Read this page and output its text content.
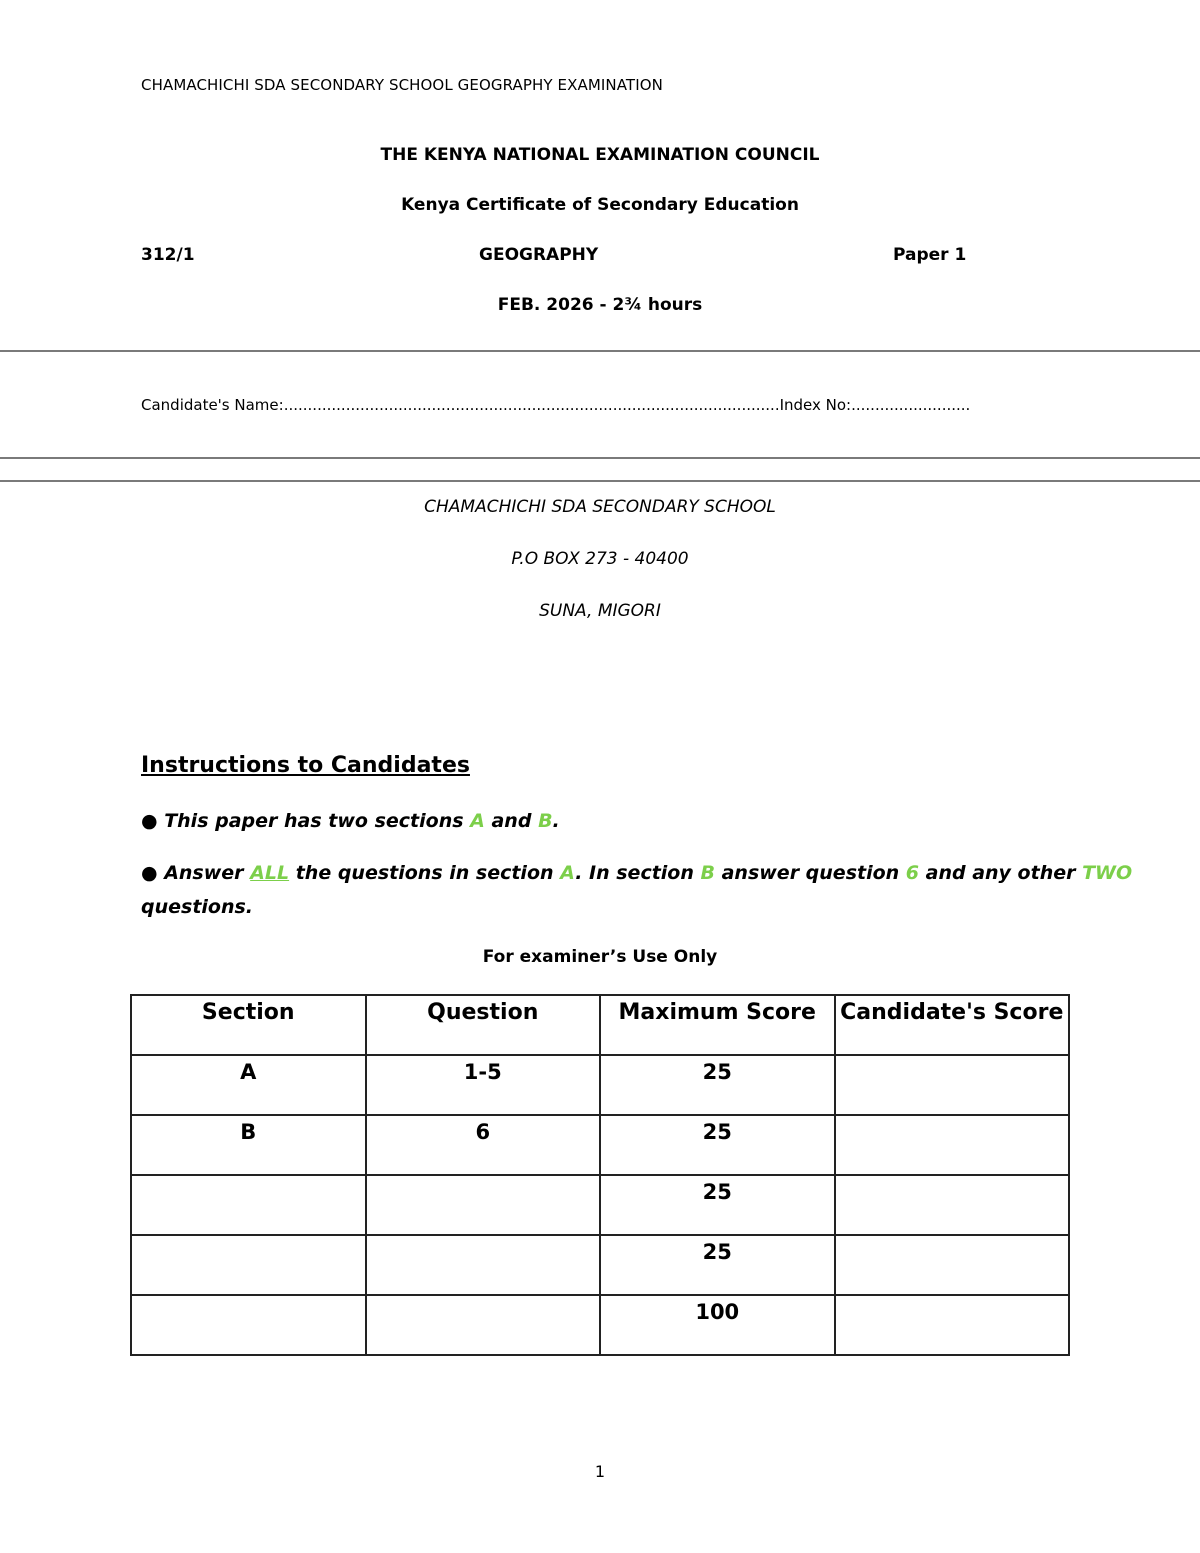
CHAMACHICHI SDA SECONDARY SCHOOL GEOGRAPHY EXAMINATION
THE KENYA NATIONAL EXAMINATION COUNCIL
Kenya Certificate of Secondary Education
312/1	GEOGRAPHY	Paper 1
FEB. 2026 - 2¾ hours
Candidate's Name:........................................................................................................Index No:.........................
CHAMACHICHI SDA SECONDARY SCHOOL
P.O BOX 273 - 40400
SUNA, MIGORI
Instructions to Candidates
● This paper has two sections A and B.
● Answer ALL the questions in section A. In section B answer question 6 and any other TWO
questions.
For examiner’s Use Only
Section	Question	Maximum Score	Candidate's Score
A	1-5	25	
B	6	25	
		25	
		25	
		100	
1
